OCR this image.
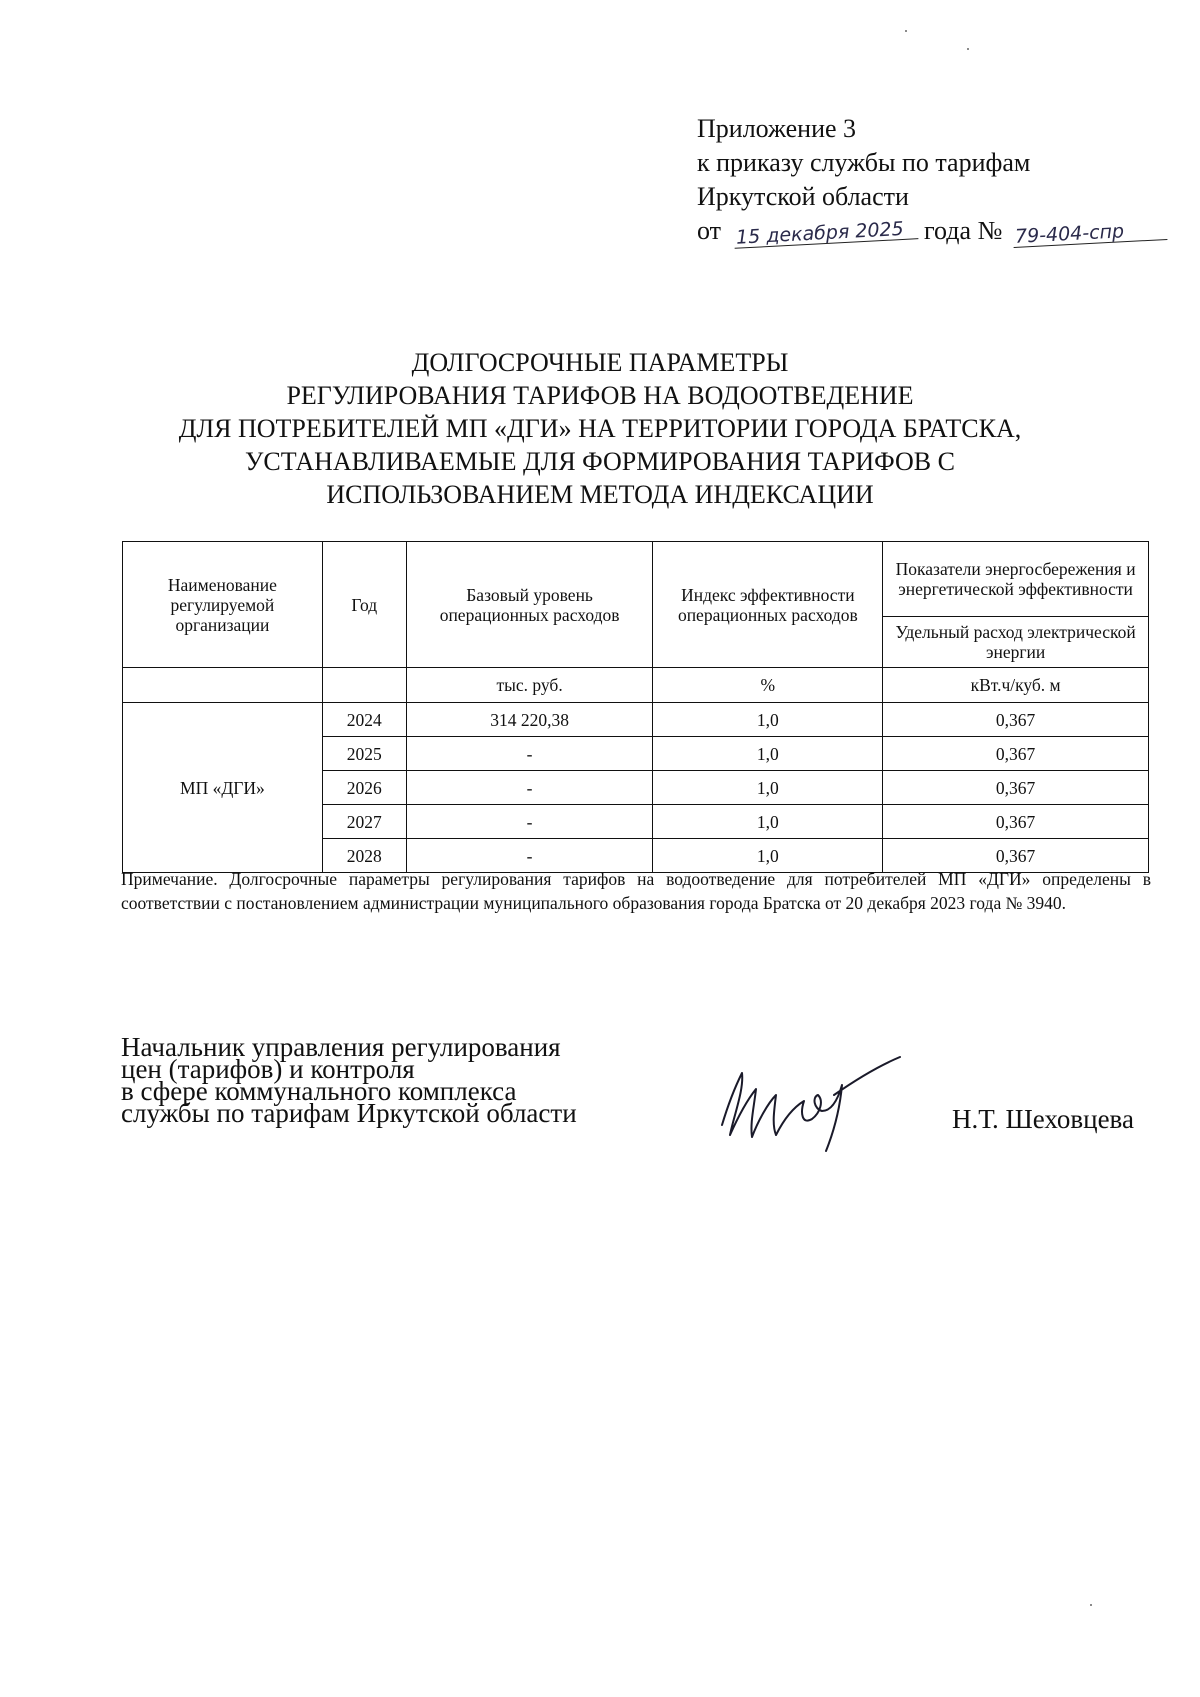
Приложение 3
к приказу службы по тарифам
Иркутской области
от 15 декабря 2025 года № 79-404-спр
ДОЛГОСРОЧНЫЕ ПАРАМЕТРЫ
РЕГУЛИРОВАНИЯ ТАРИФОВ НА ВОДООТВЕДЕНИЕ
ДЛЯ ПОТРЕБИТЕЛЕЙ МП «ДГИ» НА ТЕРРИТОРИИ ГОРОДА БРАТСКА,
УСТАНАВЛИВАЕМЫЕ ДЛЯ ФОРМИРОВАНИЯ ТАРИФОВ С
ИСПОЛЬЗОВАНИЕМ МЕТОДА ИНДЕКСАЦИИ
Наименование регулируемой организации	Год	Базовый уровень операционных расходов	Индекс эффективности операционных расходов	Показатели энергосбережения и энергетической эффективности
				Удельный расход электрической энергии
		тыс. руб.	%	кВт.ч/куб. м
МП «ДГИ»	2024	314 220,38	1,0	0,367
	2025	-	1,0	0,367
	2026	-	1,0	0,367
	2027	-	1,0	0,367
	2028	-	1,0	0,367
Примечание. Долгосрочные параметры регулирования тарифов на водоотведение для потребителей МП «ДГИ» определены в соответствии с постановлением администрации муниципального образования города Братска от 20 декабря 2023 года № 3940.
Начальник управления регулирования
цен (тарифов) и контроля
в сфере коммунального комплекса
службы по тарифам Иркутской области	Н.Т. Шеховцева
